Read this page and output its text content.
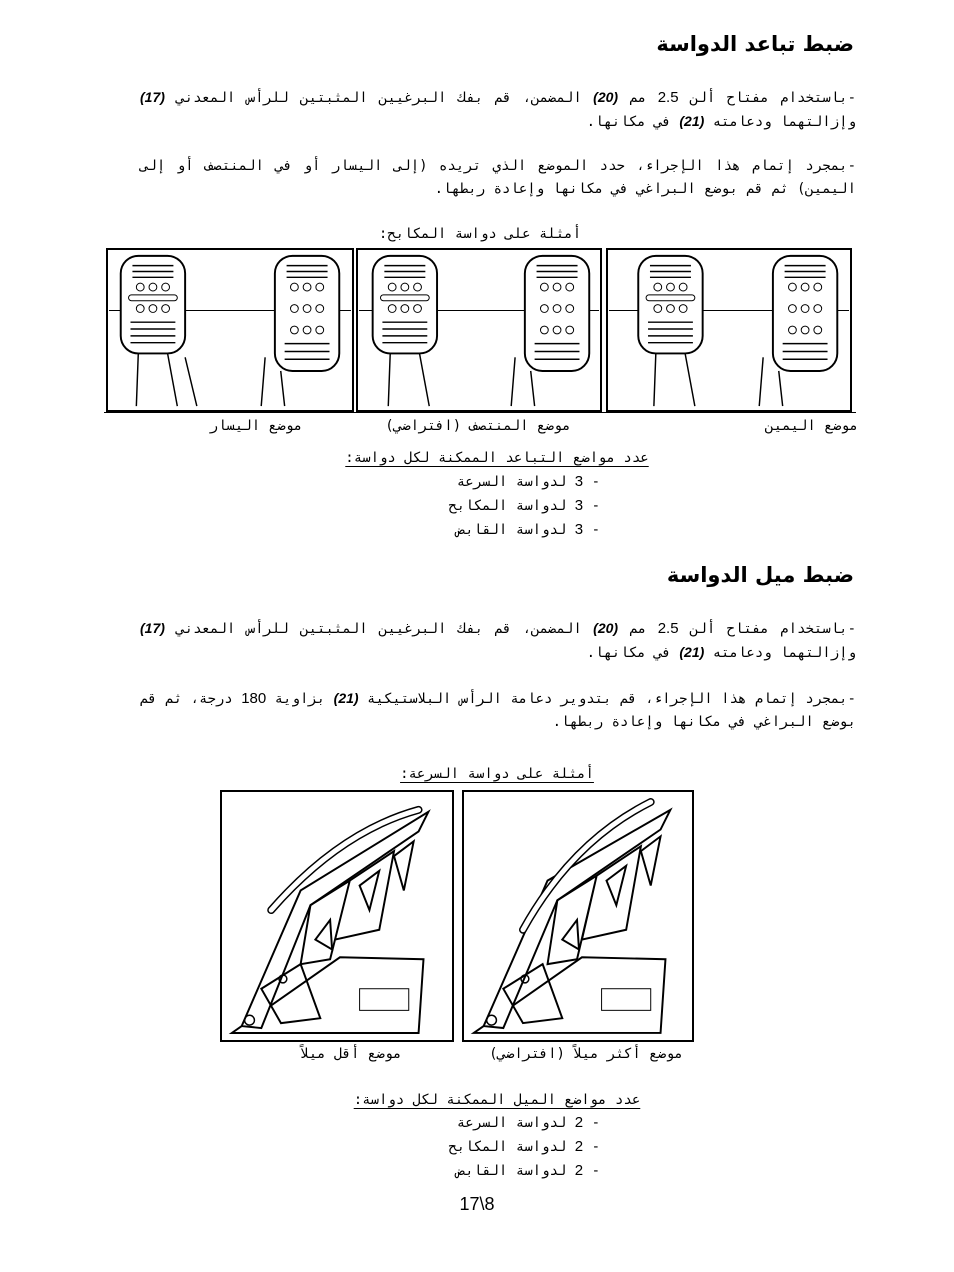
ضبط تباعد الدواسة
-باستخدام مفتاح ألن 2.5 مم (20) المضمن، قم بفك البرغيين المثبتين للرأس المعدني (17) وإزالتهما ودعامته (21) في مكانها.
-بمجرد إتمام هذا الإجراء، حدد الموضع الذي تريده (إلى اليسار أو في المنتصف أو إلى اليمين) ثم قم بوضع البراغي في مكانها وإعادة ربطها.
أمثلة على دواسة المكابح:
موضع اليمين
موضع المنتصف (افتراضي)
موضع اليسار
عدد مواضع التباعد الممكنة لكل دواسة:
- 3 لدواسة السرعة
- 3 لدواسة المكابح
- 3 لدواسة القابض
ضبط ميل الدواسة
-باستخدام مفتاح ألن 2.5 مم (20) المضمن، قم بفك البرغيين المثبتين للرأس المعدني (17) وإزالتهما ودعامته (21) في مكانها.
-بمجرد إتمام هذا الإجراء، قم بتدوير دعامة الرأس البلاستيكية (21) بزاوية 180 درجة، ثم قم بوضع البراغي في مكانها وإعادة ربطها.
أمثلة على دواسة السرعة:
موضع أكثر ميلاً (افتراضي)
موضع أقل ميلاً
عدد مواضع الميل الممكنة لكل دواسة:
- 2 لدواسة السرعة
- 2 لدواسة المكابح
- 2 لدواسة القابض
17\8
